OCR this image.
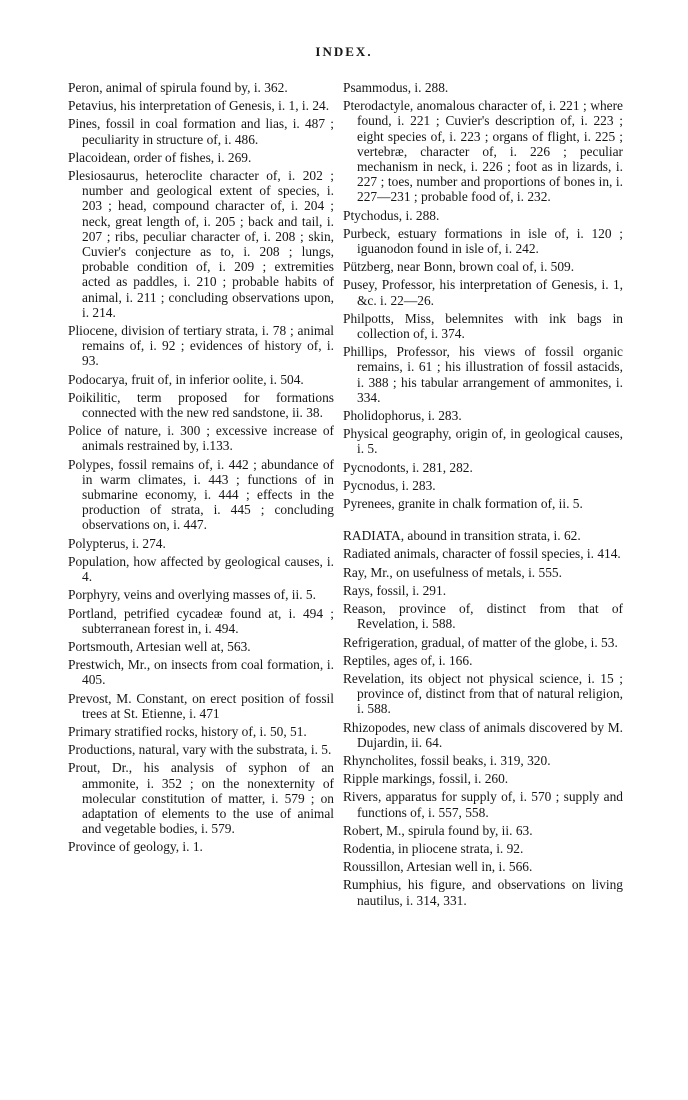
INDEX.

Peron, animal of spirula found by, i. 362.

Petavius, his interpretation of Genesis, i. 1, i. 24.

Pines, fossil in coal formation and lias, i. 487 ; peculiarity in structure of, i. 486.

Placoidean, order of fishes, i. 269.

Plesiosaurus, heteroclite character of, i. 202 ; number and geological extent of species, i. 203 ; head, compound character of, i. 204 ; neck, great length of, i. 205 ; back and tail, i. 207 ; ribs, peculiar character of, i. 208 ; skin, Cuvier's conjecture as to, i. 208 ; lungs, probable condition of, i. 209 ; extremities acted as paddles, i. 210 ; probable habits of animal, i. 211 ; concluding observations upon, i. 214.

Pliocene, division of tertiary strata, i. 78 ; animal remains of, i. 92 ; evidences of history of, i. 93.

Podocarya, fruit of, in inferior oolite, i. 504.

Poikilitic, term proposed for formations connected with the new red sandstone, ii. 38.

Police of nature, i. 300 ; excessive increase of animals restrained by, i.133.

Polypes, fossil remains of, i. 442 ; abundance of in warm climates, i. 443 ; functions of in submarine economy, i. 444 ; effects in the production of strata, i. 445 ; concluding observations on, i. 447.

Polypterus, i. 274.

Population, how affected by geological causes, i. 4.

Porphyry, veins and overlying masses of, ii. 5.

Portland, petrified cycadeæ found at, i. 494 ; subterranean forest in, i. 494.

Portsmouth, Artesian well at, 563.

Prestwich, Mr., on insects from coal formation, i. 405.

Prevost, M. Constant, on erect position of fossil trees at St. Etienne, i. 471

Primary stratified rocks, history of, i. 50, 51.

Productions, natural, vary with the substrata, i. 5.

Prout, Dr., his analysis of syphon of an ammonite, i. 352 ; on the nonexternity of molecular constitution of matter, i. 579 ; on adaptation of elements to the use of animal and vegetable bodies, i. 579.

Province of geology, i. 1.

Psammodus, i. 288.

Pterodactyle, anomalous character of, i. 221 ; where found, i. 221 ; Cuvier's description of, i. 223 ; eight species of, i. 223 ; organs of flight, i. 225 ; vertebræ, character of, i. 226 ; peculiar mechanism in neck, i. 226 ; foot as in lizards, i. 227 ; toes, number and proportions of bones in, i. 227—231 ; probable food of, i. 232.

Ptychodus, i. 288.

Purbeck, estuary formations in isle of, i. 120 ; iguanodon found in isle of, i. 242.

Pützberg, near Bonn, brown coal of, i. 509.

Pusey, Professor, his interpretation of Genesis, i. 1, &c. i. 22—26.

Philpotts, Miss, belemnites with ink bags in collection of, i. 374.

Phillips, Professor, his views of fossil organic remains, i. 61 ; his illustration of fossil astacids, i. 388 ; his tabular arrangement of ammonites, i. 334.

Pholidophorus, i. 283.

Physical geography, origin of, in geological causes, i. 5.

Pycnodonts, i. 281, 282.

Pycnodus, i. 283.

Pyrenees, granite in chalk formation of, ii. 5.

RADIATA, abound in transition strata, i. 62.

Radiated animals, character of fossil species, i. 414.

Ray, Mr., on usefulness of metals, i. 555.

Rays, fossil, i. 291.

Reason, province of, distinct from that of Revelation, i. 588.

Refrigeration, gradual, of matter of the globe, i. 53.

Reptiles, ages of, i. 166.

Revelation, its object not physical science, i. 15 ; province of, distinct from that of natural religion, i. 588.

Rhizopodes, new class of animals discovered by M. Dujardin, ii. 64.

Rhyncholites, fossil beaks, i. 319, 320.

Ripple markings, fossil, i. 260.

Rivers, apparatus for supply of, i. 570 ; supply and functions of, i. 557, 558.

Robert, M., spirula found by, ii. 63.

Rodentia, in pliocene strata, i. 92.

Roussillon, Artesian well in, i. 566.

Rumphius, his figure, and observations on living nautilus, i. 314, 331.
